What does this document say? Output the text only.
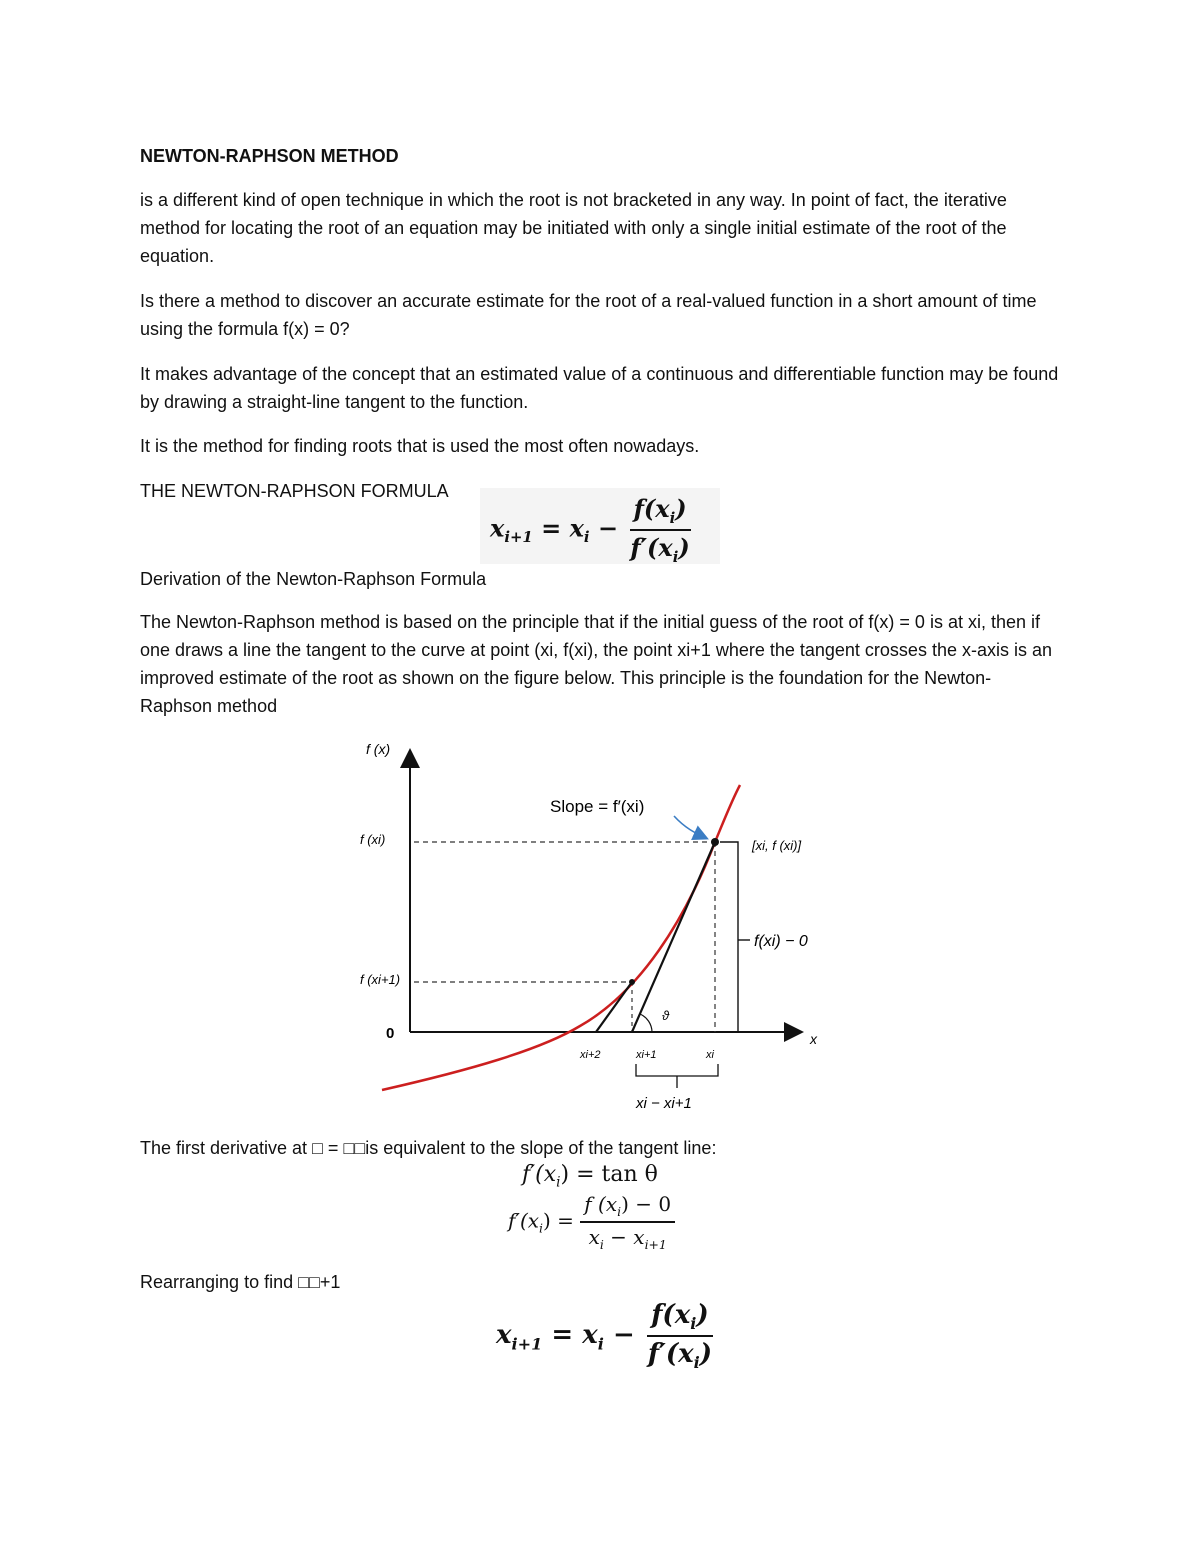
NEWTON-RAPHSON METHOD

is a different kind of open technique in which the root is not bracketed in any way. In point of fact, the iterative method for locating the root of an equation may be initiated with only a single initial estimate of the root of the equation.

Is there a method to discover an accurate estimate for the root of a real-valued function in a short amount of time using the formula f(x) = 0?

It makes advantage of the concept that an estimated value of a continuous and differentiable function may be found by drawing a straight-line tangent to the function.

It is the method for finding roots that is used the most often nowadays.

THE NEWTON-RAPHSON FORMULA

$x_{i+1} = x_i - \frac{f(x_i)}{f'(x_i)}$

Derivation of the Newton-Raphson Formula

The Newton-Raphson method is based on the principle that if the initial guess of the root of f(x) = 0 is at xi, then if one draws a line the tangent to the curve at point (xi, f(xi), the point xi+1 where the tangent crosses the x-axis is an improved estimate of the root as shown on the figure below. This principle is the foundation for the Newton-Raphson method

f (x)
x
0
f (xi)
f (xi+1)
ϑ
Slope = f′(xi)
[xi, f (xi)]
f(xi) − 0
xi+2	xi+1	xi
xi − xi+1

The first derivative at □ = □□is equivalent to the slope of the tangent line:

$f'(x_i) = \tan \theta$
$f'(x_i) = \frac{f (x_i) - 0}{x_i - x_{i+1}}$

Rearranging to find □□+1

$x_{i+1} = x_i - \frac{f(x_i)}{f'(x_i)}$
